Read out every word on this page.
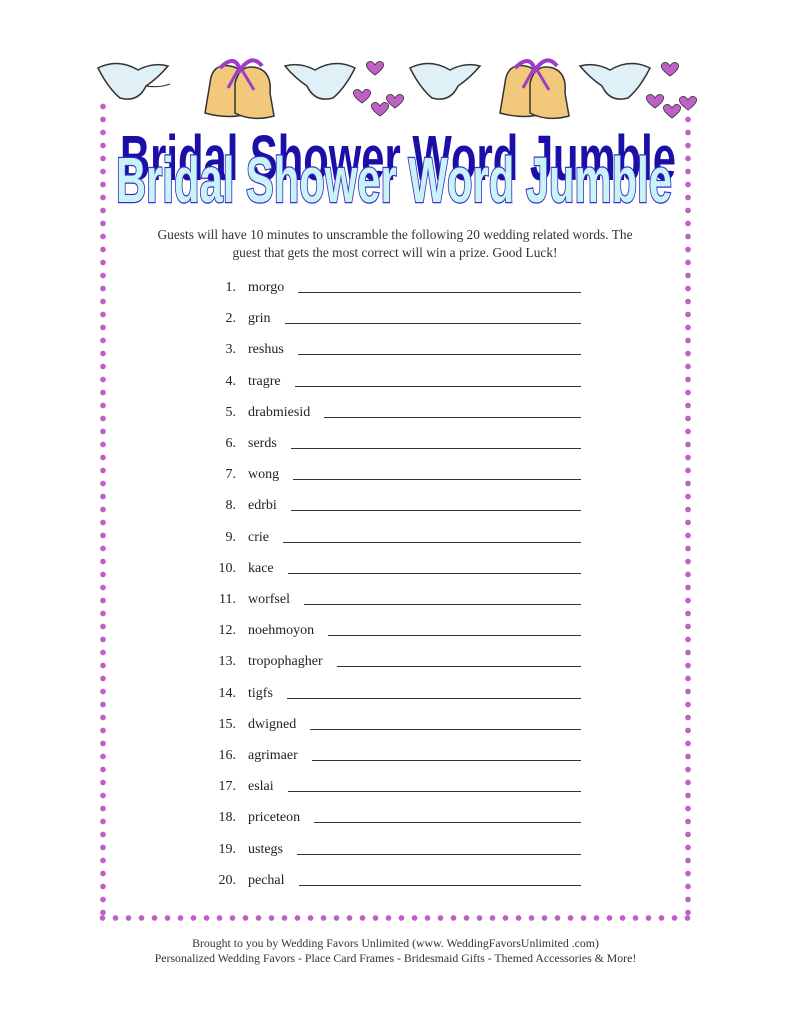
Bridal Shower Word Jumble
Bridal Shower Word Jumble
Guests will have 10 minutes to unscramble the following 20 wedding related words. The
guest that gets the most correct will win a prize. Good Luck!
1. morgo
2. grin
3. reshus
4. tragre
5. drabmiesid
6. serds
7. wong
8. edrbi
9. crie
10. kace
11. worfsel
12. noehmoyon
13. tropophagher
14. tigfs
15. dwigned
16. agrimaer
17. eslai
18. priceteon
19. ustegs
20. pechal
Brought to you by Wedding Favors Unlimited (www. WeddingFavorsUnlimited .com)
Personalized Wedding Favors - Place Card Frames - Bridesmaid Gifts - Themed Accessories & More!
